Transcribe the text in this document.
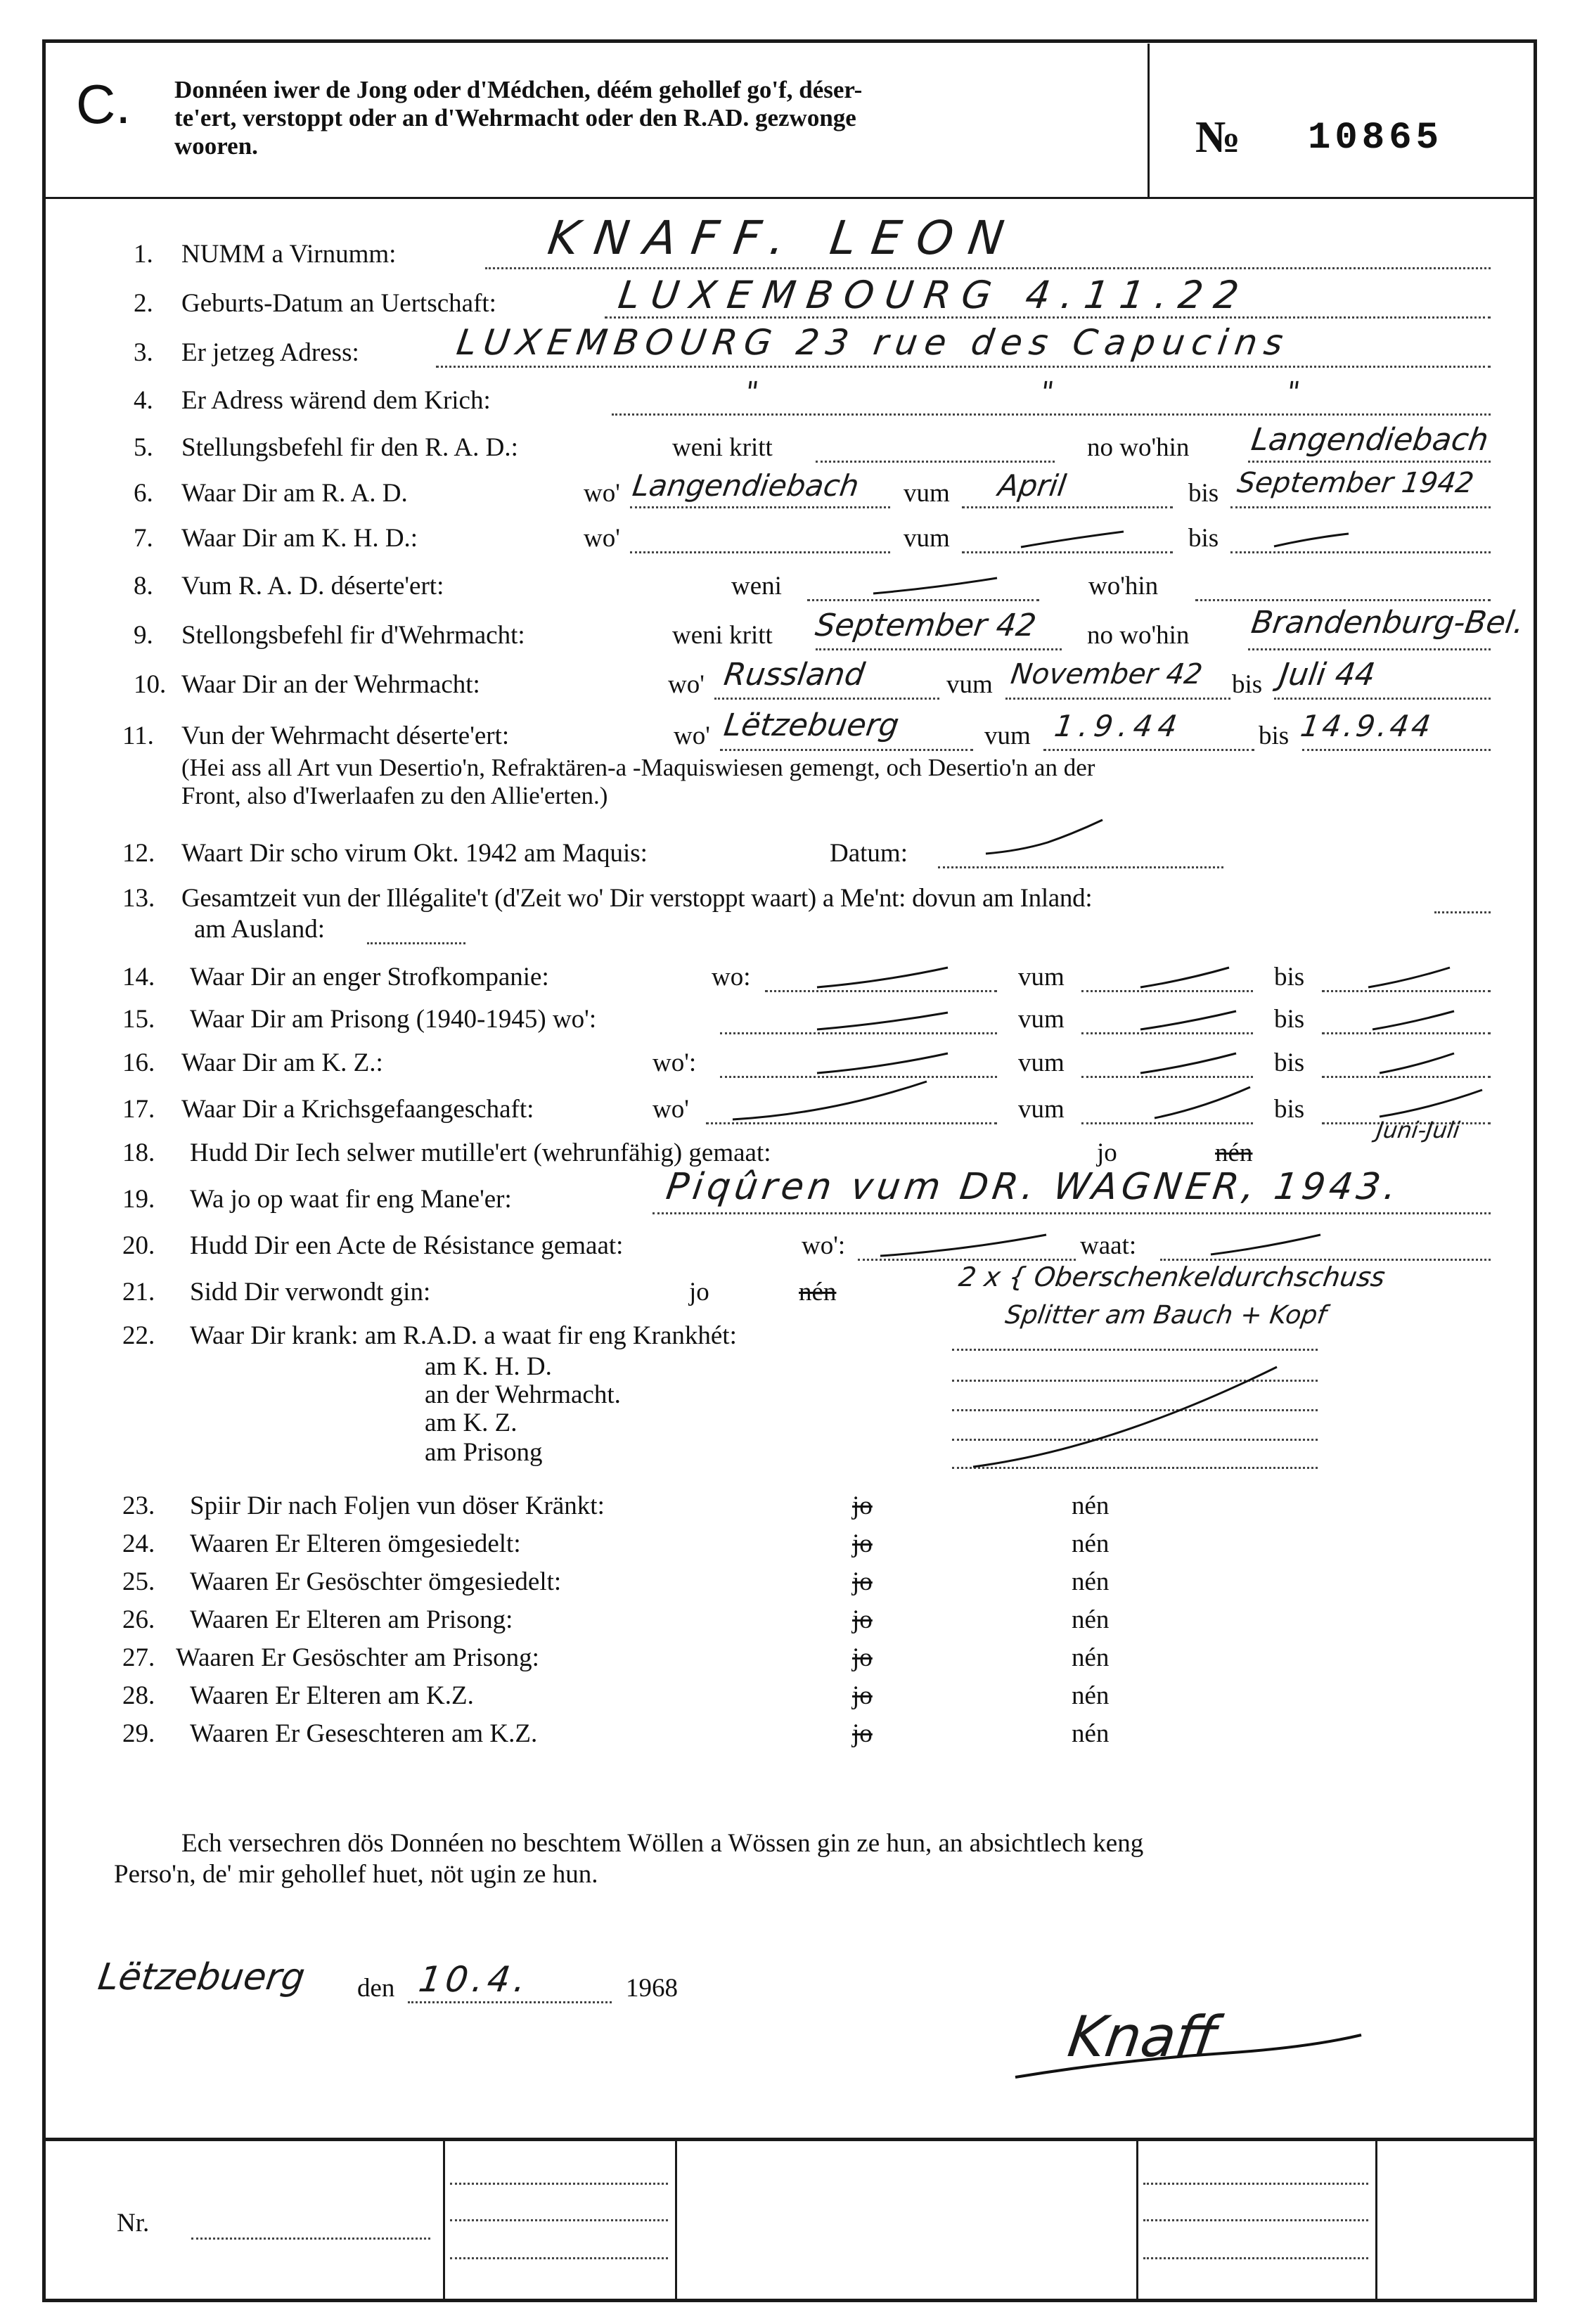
C. Donnéen iwer de Jong oder d'Médchen, déém gehollef go'f, déser-
te'ert, verstoppt oder an d'Wehrmacht oder den R.AD. gezwonge
wooren.	№ 10865
1. NUMM a Virnumm:	KNAFF. LEON
2. Geburts-Datum an Uertschaft:	LUXEMBOURG 4.11.22
3. Er jetzeg Adress:	LUXEMBOURG 23 rue des Capucins
4. Er Adress wärend dem Krich:	"	"	"
5. Stellungsbefehl fir den R. A. D.:	weni kritt	no wo'hin Langendiebach
6. Waar Dir am R. A. D.	wo' Langendiebach vum April	bis September 1942
7. Waar Dir am K. H. D.:	wo'	vum	bis
8. Vum R. A. D. déserte'ert:	weni	wo'hin
9. Stellongsbefehl fir d'Wehrmacht:	weni kritt September 42 no wo'hin Brandenburg-Bel.
10. Waar Dir an der Wehrmacht:	wo' Russland	vum November 42 bis Juli 44
11. Vun der Wehrmacht déserte'ert:	wo' Lëtzebuerg	vum 1.9.44	bis 14.9.44
(Hei ass all Art vun Desertio'n, Refraktären-a -Maquiswiesen gemengt, och Desertio'n an der
Front, also d'Iwerlaafen zu den Allie'erten.)
12. Waart Dir scho virum Okt. 1942 am Maquis:	Datum:
13. Gesamtzeit vun der Illégalite't (d'Zeit wo' Dir verstoppt waart) a Me'nt: dovun am Inland:
am Ausland:
14. Waar Dir an enger Strofkompanie:	wo:	vum	bis
15. Waar Dir am Prisong (1940-1945) wo':	vum	bis
16. Waar Dir am K. Z.:	wo':	vum	bis
17. Waar Dir a Krichsgefaangeschaft:	wo'	vum	bis
18. Hudd Dir Iech selwer mutille'ert (wehrunfähig) gemaat:	jo	nén
Juni-Juli
19. Wa jo op waat fir eng Mane'er:	Piqûren vum DR. WAGNER, 1943.
20. Hudd Dir een Acte de Résistance gemaat:	wo':	waat:
21. Sidd Dir verwondt gin:	jo	nén	2 x { Oberschenkeldurchschuss
Splitter am Bauch + Kopf
22. Waar Dir krank: am R.A.D. a waat fir eng Krankhét:
am K. H. D.
an der Wehrmacht.
am K. Z.
am Prisong
23. Spiir Dir nach Foljen vun döser Kränkt:	jo	nén
24. Waaren Er Elteren ömgesiedelt:	jo	nén
25. Waaren Er Gesöschter ömgesiedelt:	jo	nén
26. Waaren Er Elteren am Prisong:	jo	nén
27. Waaren Er Gesöschter am Prisong:	jo	nén
28. Waaren Er Elteren am K.Z.	jo	nén
29. Waaren Er Geseschteren am K.Z.	jo	nén
Ech versechren dös Donnéen no beschtem Wöllen a Wössen gin ze hun, an absichtlech keng
Perso'n, de' mir gehollef huet, nöt ugin ze hun.
Lëtzebuerg den 10.4.	1968
Knaff
Nr.
